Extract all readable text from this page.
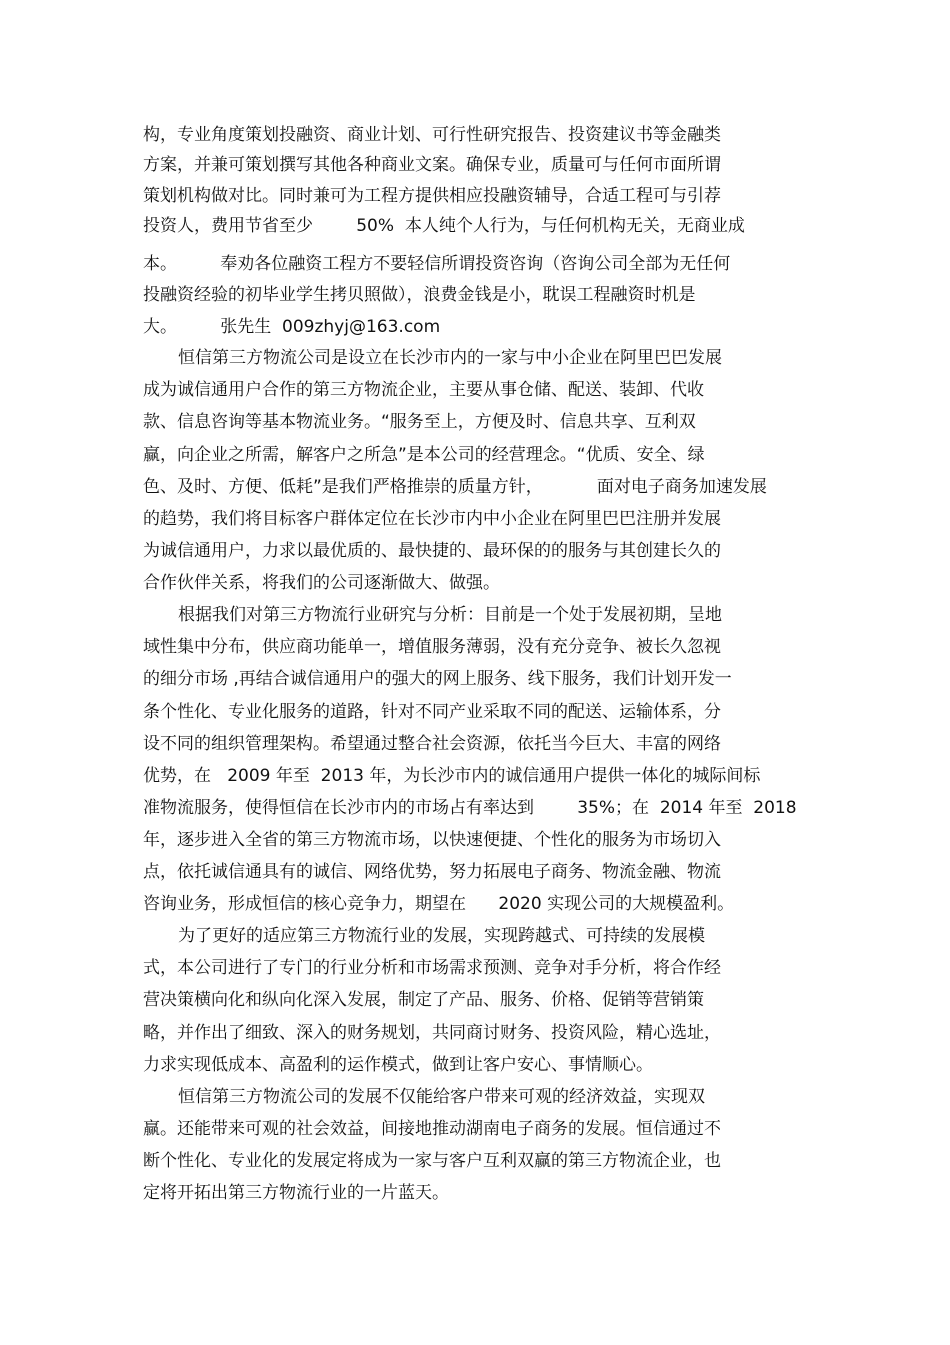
构，专业角度策划投融资、商业计划、可行性研究报告、投资建议书等金融类

方案，并兼可策划撰写其他各种商业文案。确保专业，质量可与任何市面所谓

策划机构做对比。同时兼可为工程方提供相应投融资辅导，合适工程可与引荐

投资人，费用节省至少        50%  本人纯个人行为，与任何机构无关，无商业成

本。        奉劝各位融资工程方不要轻信所谓投资咨询（咨询公司全部为无任何

投融资经验的初毕业学生拷贝照做），浪费金钱是小，耽误工程融资时机是

大。        张先生  009zhyj@163.com

恒信第三方物流公司是设立在长沙市内的一家与中小企业在阿里巴巴发展

成为诚信通用户合作的第三方物流企业，主要从事仓储、配送、装卸、代收

款、信息咨询等基本物流业务。“服务至上，方便及时、信息共享、互利双

赢，向企业之所需，解客户之所急”是本公司的经营理念。“优质、安全、绿

色、及时、方便、低耗”是我们严格推崇的质量方针，          面对电子商务加速发展

的趋势，我们将目标客户群体定位在长沙市内中小企业在阿里巴巴注册并发展

为诚信通用户，力求以最优质的、最快捷的、最环保的的服务与其创建长久的

合作伙伴关系，将我们的公司逐渐做大、做强。

根据我们对第三方物流行业研究与分析：目前是一个处于发展初期，呈地

域性集中分布，供应商功能单一，增值服务薄弱，没有充分竞争、被长久忽视

的细分市场 ,再结合诚信通用户的强大的网上服务、线下服务，我们计划开发一

条个性化、专业化服务的道路，针对不同产业采取不同的配送、运输体系，分

设不同的组织管理架构。希望通过整合社会资源，依托当今巨大、丰富的网络

优势，在   2009 年至  2013 年，为长沙市内的诚信通用户提供一体化的城际间标

准物流服务，使得恒信在长沙市内的市场占有率达到        35%；在  2014 年至  2018

年，逐步进入全省的第三方物流市场，以快速便捷、个性化的服务为市场切入

点，依托诚信通具有的诚信、网络优势，努力拓展电子商务、物流金融、物流

咨询业务，形成恒信的核心竞争力，期望在      2020 实现公司的大规模盈利。

为了更好的适应第三方物流行业的发展，实现跨越式、可持续的发展模

式，本公司进行了专门的行业分析和市场需求预测、竞争对手分析，将合作经

营决策横向化和纵向化深入发展，制定了产品、服务、价格、促销等营销策

略，并作出了细致、深入的财务规划，共同商讨财务、投资风险，精心选址，

力求实现低成本、高盈利的运作模式，做到让客户安心、事情顺心。

恒信第三方物流公司的发展不仅能给客户带来可观的经济效益，实现双

赢。还能带来可观的社会效益，间接地推动湖南电子商务的发展。恒信通过不

断个性化、专业化的发展定将成为一家与客户互利双赢的第三方物流企业，也

定将开拓出第三方物流行业的一片蓝天。
